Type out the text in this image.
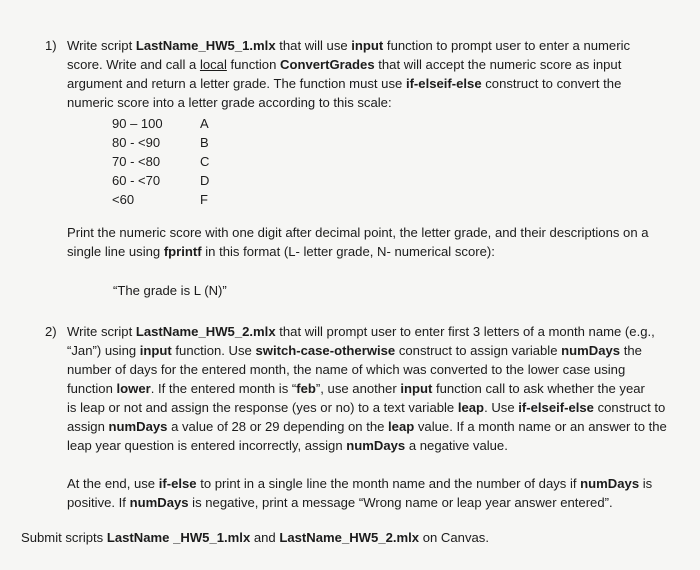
1) Write script LastName_HW5_1.mlx that will use input function to prompt user to enter a numeric
score. Write and call a local function ConvertGrades that will accept the numeric score as input
argument and return a letter grade. The function must use if-elseif-else construct to convert the
numeric score into a letter grade according to this scale:
90 – 100	A
80 - <90	B
70 - <80	C
60 - <70	D
<60	F
Print the numeric score with one digit after decimal point, the letter grade, and their descriptions on a
single line using fprintf in this format (L- letter grade, N- numerical score):
“The grade is L (N)”
2) Write script LastName_HW5_2.mlx that will prompt user to enter first 3 letters of a month name (e.g.,
“Jan”) using input function. Use switch-case-otherwise construct to assign variable numDays the
number of days for the entered month, the name of which was converted to the lower case using
function lower. If the entered month is “feb”, use another input function call to ask whether the year
is leap or not and assign the response (yes or no) to a text variable leap. Use if-elseif-else construct to
assign numDays a value of 28 or 29 depending on the leap value. If a month name or an answer to the
leap year question is entered incorrectly, assign numDays a negative value.
At the end, use if-else to print in a single line the month name and the number of days if numDays is
positive. If numDays is negative, print a message “Wrong name or leap year answer entered”.
Submit scripts LastName _HW5_1.mlx and LastName_HW5_2.mlx on Canvas.
